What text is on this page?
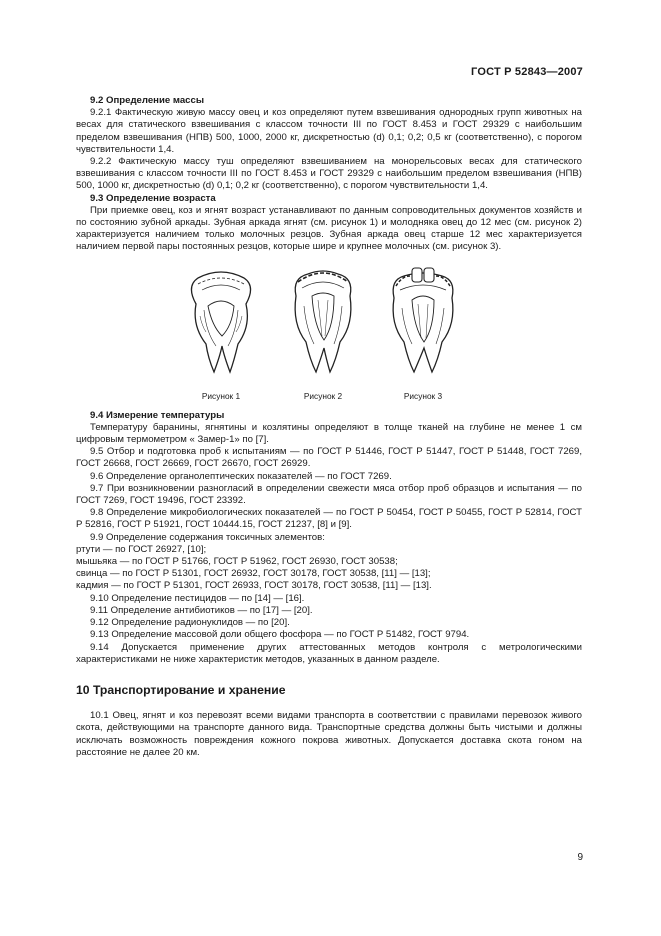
ГОСТ Р 52843—2007

9.2 Определение массы

9.2.1 Фактическую живую массу овец и коз определяют путем взвешивания однородных групп животных на весах для статического взвешивания с классом точности III по ГОСТ 8.453 и ГОСТ 29329 с наибольшим пределом взвешивания (НПВ) 500, 1000, 2000 кг, дискретностью (d) 0,1; 0,2; 0,5 кг (соответственно), с порогом чувствительности 1,4.

9.2.2 Фактическую массу туш определяют взвешиванием на монорельсовых весах для статического взвешивания с классом точности III по ГОСТ 8.453 и ГОСТ 29329 с наибольшим пределом взвешивания (НПВ) 500, 1000 кг, дискретностью (d) 0,1; 0,2 кг (соответственно), с порогом чувствительности 1,4.

9.3 Определение возраста

При приемке овец, коз и ягнят возраст устанавливают по данным сопроводительных документов хозяйств и по состоянию зубной аркады. Зубная аркада ягнят (см. рисунок 1) и молодняка овец до 12 мес (см. рисунок 2) характеризуется наличием только молочных резцов. Зубная аркада овец старше 12 мес характеризуется наличием первой пары постоянных резцов, которые шире и крупнее молочных (см. рисунок 3).

Рисунок 1	Рисунок 2	Рисунок 3

9.4 Измерение температуры

Температуру баранины, ягнятины и козлятины определяют в толще тканей на глубине не менее 1 см цифровым термометром « Замер-1» по [7].

9.5 Отбор и подготовка проб к испытаниям — по ГОСТ Р 51446, ГОСТ Р 51447, ГОСТ Р 51448, ГОСТ 7269, ГОСТ 26668, ГОСТ 26669, ГОСТ 26670, ГОСТ 26929.

9.6 Определение органолептических показателей — по ГОСТ 7269.

9.7 При возникновении разногласий в определении свежести мяса отбор проб образцов и испытания — по ГОСТ 7269, ГОСТ 19496, ГОСТ 23392.

9.8 Определение микробиологических показателей — по ГОСТ Р 50454, ГОСТ Р 50455, ГОСТ Р 52814, ГОСТ Р 52816, ГОСТ Р 51921, ГОСТ 10444.15, ГОСТ 21237, [8] и [9].

9.9 Определение содержания токсичных элементов:

ртути — по ГОСТ 26927, [10];

мышьяка — по ГОСТ Р 51766, ГОСТ Р 51962, ГОСТ 26930, ГОСТ 30538;

свинца — по ГОСТ Р 51301, ГОСТ 26932, ГОСТ 30178, ГОСТ 30538, [11] — [13];

кадмия — по ГОСТ Р 51301, ГОСТ 26933, ГОСТ 30178, ГОСТ 30538, [11] — [13].

9.10 Определение пестицидов — по [14] — [16].

9.11 Определение антибиотиков — по [17] — [20].

9.12 Определение радионуклидов — по [20].

9.13 Определение массовой доли общего фосфора — по ГОСТ Р 51482, ГОСТ 9794.

9.14 Допускается применение других аттестованных методов контроля с метрологическими характеристиками не ниже характеристик методов, указанных в данном разделе.

10 Транспортирование и хранение

10.1 Овец, ягнят и коз перевозят всеми видами транспорта в соответствии с правилами перевозок живого скота, действующими на транспорте данного вида. Транспортные средства должны быть чистыми и должны исключать возможность повреждения кожного покрова животных. Допускается доставка скота гоном на расстояние не далее 20 км.

9
